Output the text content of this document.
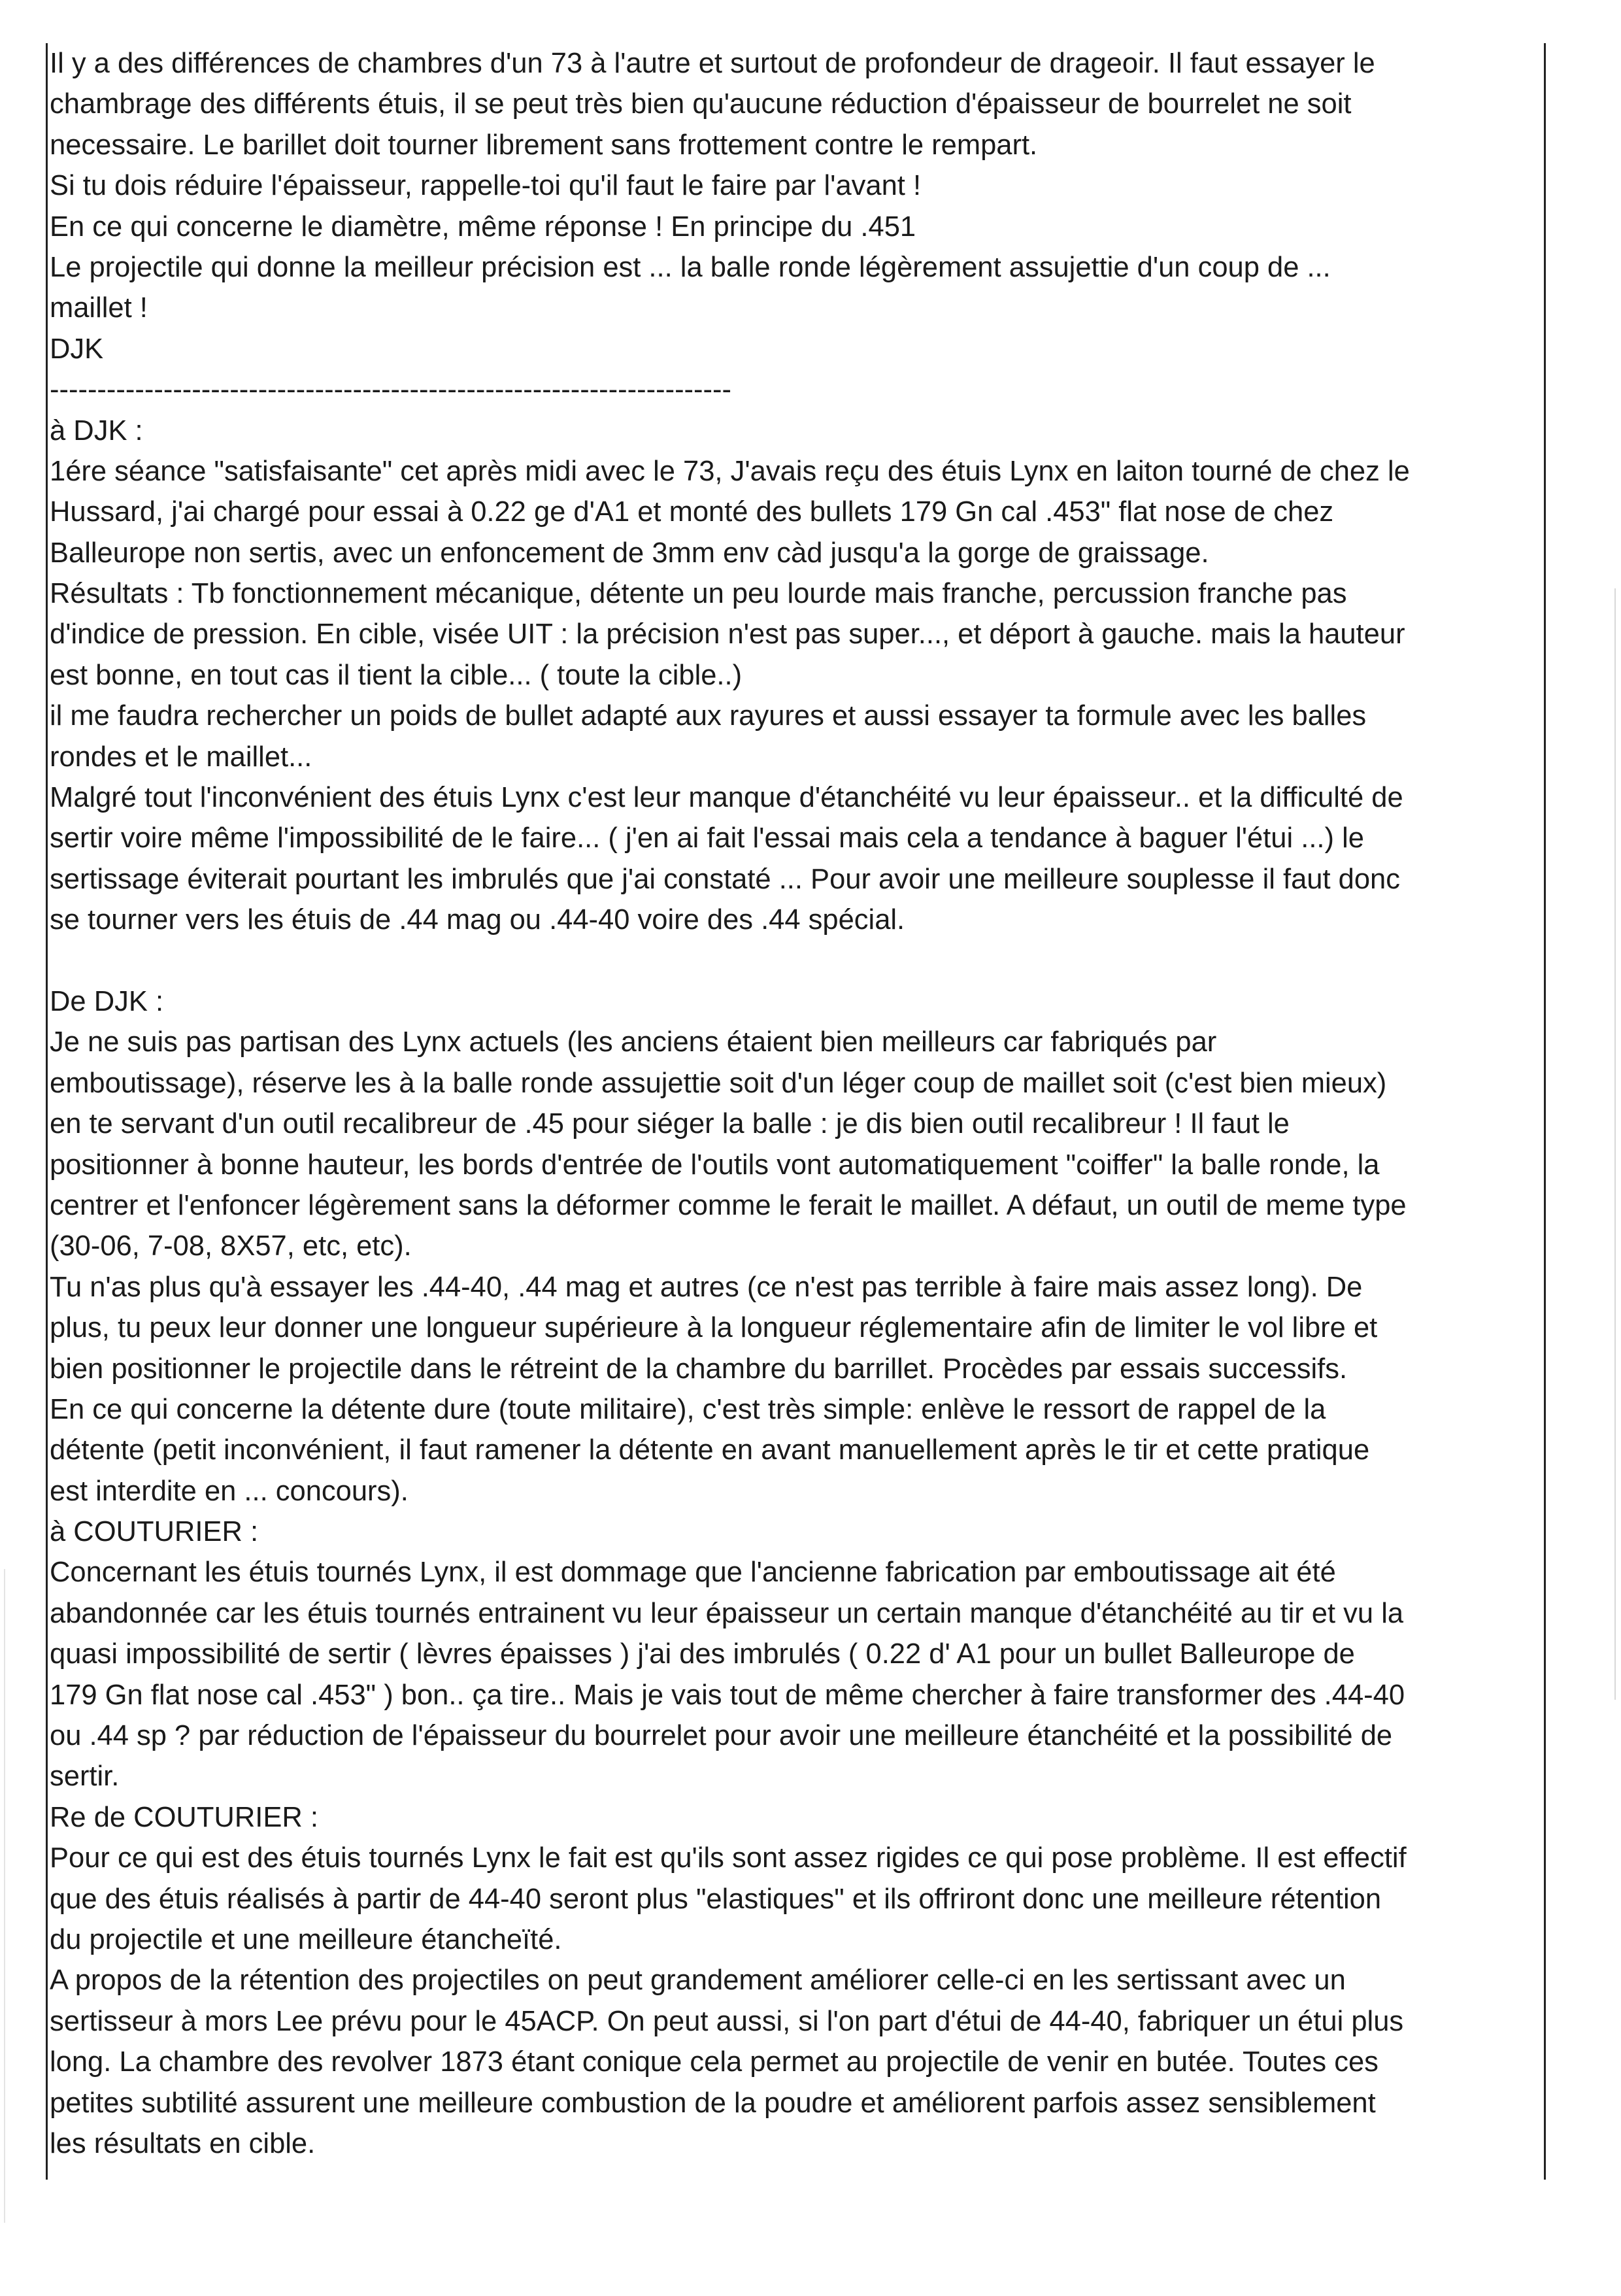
Il y a des différences de chambres d'un 73 à l'autre et surtout de profondeur de drageoir. Il faut essayer le
chambrage des différents étuis, il se peut très bien qu'aucune réduction d'épaisseur de bourrelet ne soit
necessaire. Le barillet doit tourner librement sans frottement contre le rempart.
Si tu dois réduire l'épaisseur, rappelle-toi qu'il faut le faire par l'avant !
En ce qui concerne le diamètre, même réponse ! En principe du .451
Le projectile qui donne la meilleur précision est ... la balle ronde légèrement assujettie d'un coup de ...
maillet !
DJK
------------------------------------------------------------------------
à DJK :
1ére séance "satisfaisante" cet après midi avec le 73, J'avais reçu des étuis Lynx en laiton tourné de chez le
Hussard, j'ai chargé pour essai à 0.22 ge d'A1 et monté des bullets 179 Gn cal .453" flat nose de chez
Balleurope non sertis, avec un enfoncement de 3mm env càd jusqu'a la gorge de graissage.
Résultats : Tb fonctionnement mécanique, détente un peu lourde mais franche, percussion franche pas
d'indice de pression. En cible, visée UIT : la précision n'est pas super..., et déport à gauche. mais la hauteur
est bonne, en tout cas il tient la cible... ( toute la cible..)
il me faudra rechercher un poids de bullet adapté aux rayures et aussi essayer ta formule avec les balles
rondes et le maillet...
Malgré tout l'inconvénient des étuis Lynx c'est leur manque d'étanchéité vu leur épaisseur.. et la difficulté de
sertir voire même l'impossibilité de le faire... ( j'en ai fait l'essai mais cela a tendance à baguer l'étui ...) le
sertissage éviterait pourtant les imbrulés que j'ai constaté ... Pour avoir une meilleure souplesse il faut donc
se tourner vers les étuis de .44 mag ou .44-40 voire des .44 spécial.
De DJK :
Je ne suis pas partisan des Lynx actuels (les anciens étaient bien meilleurs car fabriqués par
emboutissage), réserve les à la balle ronde assujettie soit d'un léger coup de maillet soit (c'est bien mieux)
en te servant d'un outil recalibreur de .45 pour siéger la balle : je dis bien outil recalibreur ! Il faut le
positionner à bonne hauteur, les bords d'entrée de l'outils vont automatiquement "coiffer" la balle ronde, la
centrer et l'enfoncer légèrement sans la déformer comme le ferait le maillet. A défaut, un outil de meme type
(30-06, 7-08, 8X57, etc, etc).
Tu n'as plus qu'à essayer les .44-40, .44 mag et autres (ce n'est pas terrible à faire mais assez long). De
plus, tu peux leur donner une longueur supérieure à la longueur réglementaire afin de limiter le vol libre et
bien positionner le projectile dans le rétreint de la chambre du barrillet. Procèdes par essais successifs.
En ce qui concerne la détente dure (toute militaire), c'est très simple: enlève le ressort de rappel de la
détente (petit inconvénient, il faut ramener la détente en avant manuellement après le tir et cette pratique
est interdite en ... concours).
à COUTURIER :
Concernant les étuis tournés Lynx, il est dommage que l'ancienne fabrication par emboutissage ait été
abandonnée car les étuis tournés entrainent vu leur épaisseur un certain manque d'étanchéité au tir et vu la
quasi impossibilité de sertir ( lèvres épaisses ) j'ai des imbrulés ( 0.22 d' A1 pour un bullet Balleurope de
179 Gn flat nose cal .453" ) bon.. ça tire.. Mais je vais tout de même chercher à faire transformer des .44-40
ou .44 sp ? par réduction de l'épaisseur du bourrelet pour avoir une meilleure étanchéité et la possibilité de
sertir.
Re de COUTURIER :
Pour ce qui est des étuis tournés Lynx le fait est qu'ils sont assez rigides ce qui pose problème. Il est effectif
que des étuis réalisés à partir de 44-40 seront plus "elastiques" et ils offriront donc une meilleure rétention
du projectile et une meilleure étancheïté.
A propos de la rétention des projectiles on peut grandement améliorer celle-ci en les sertissant avec un
sertisseur à mors Lee prévu pour le 45ACP. On peut aussi, si l'on part d'étui de 44-40, fabriquer un étui plus
long. La chambre des revolver 1873 étant conique cela permet au projectile de venir en butée. Toutes ces
petites subtilité assurent une meilleure combustion de la poudre et améliorent parfois assez sensiblement
les résultats en cible.
